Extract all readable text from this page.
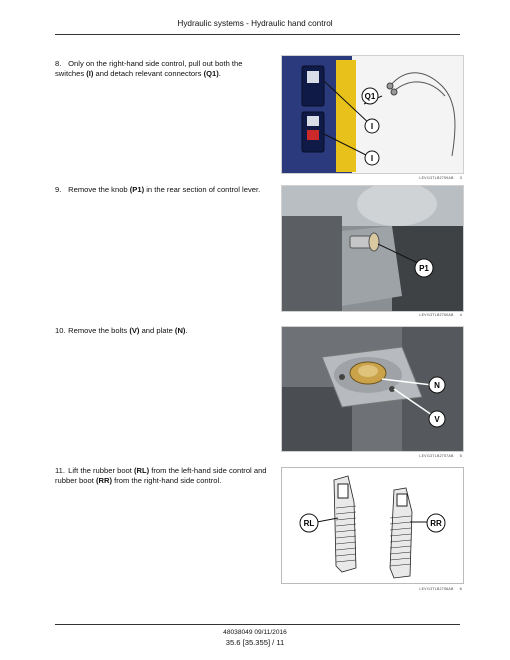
Hydraulic systems - Hydraulic hand control
8. Only on the right-hand side control, pull out both the switches (I) and detach relevant connectors (Q1).
Q1
I
I
LEVI13TLB2759AB 3
9. Remove the knob (P1) in the rear section of control lever.
P1
LEVI13TLB2760AB 4
10. Remove the bolts (V) and plate (N).
N
V
LEVI13TLB2757AB 5
11. Lift the rubber boot (RL) from the left-hand side control and rubber boot (RR) from the right-hand side control.
RL	RR
LEVI13TLB2758AB 6
48038049 09/11/2016
35.6 [35.355] / 11
